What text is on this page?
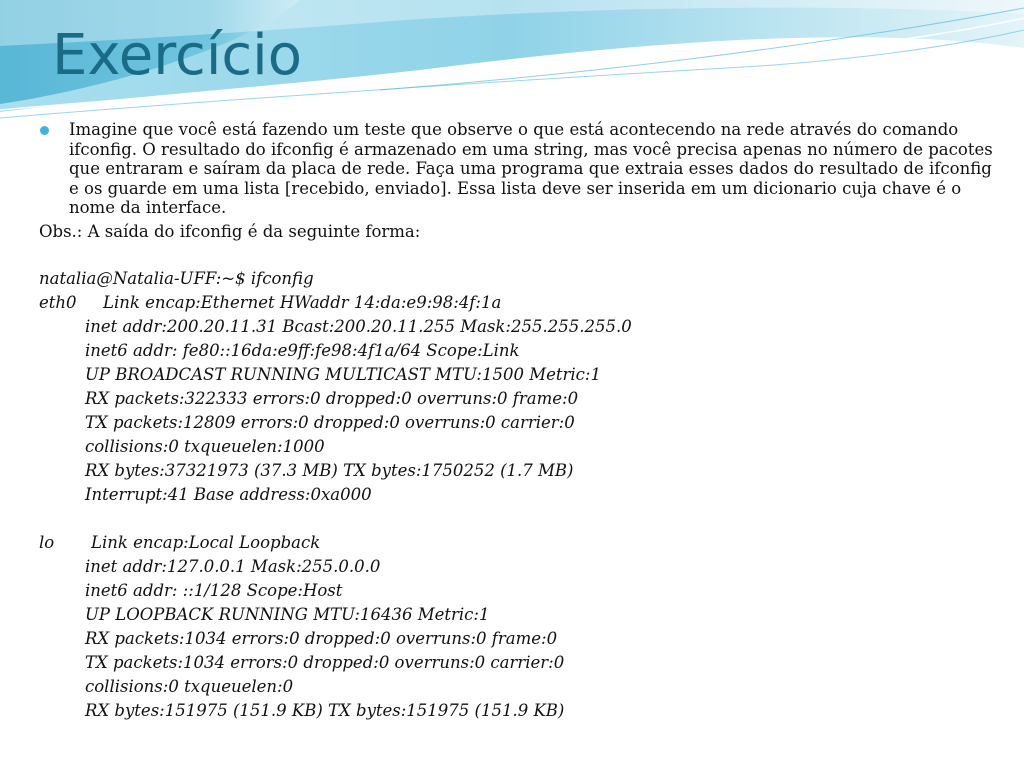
Exercício

Imagine que você está fazendo um teste que observe o que está acontecendo na rede através do comando ifconfig. O resultado do ifconfig é armazenado em uma string, mas você precisa apenas no número de pacotes que entraram e saíram da placa de rede. Faça uma programa que extraia esses dados do resultado de ifconfig e os guarde em uma lista [recebido, enviado]. Essa lista deve ser inserida em um dicionario cuja chave é o nome da interface.

Obs.: A saída do ifconfig é da seguinte forma:

natalia@Natalia-UFF:~$ ifconfig
eth0 Link encap:Ethernet HWaddr 14:da:e9:98:4f:1a
inet addr:200.20.11.31 Bcast:200.20.11.255 Mask:255.255.255.0
inet6 addr: fe80::16da:e9ff:fe98:4f1a/64 Scope:Link
UP BROADCAST RUNNING MULTICAST MTU:1500 Metric:1
RX packets:322333 errors:0 dropped:0 overruns:0 frame:0
TX packets:12809 errors:0 dropped:0 overruns:0 carrier:0
collisions:0 txqueuelen:1000
RX bytes:37321973 (37.3 MB) TX bytes:1750252 (1.7 MB)
Interrupt:41 Base address:0xa000
lo Link encap:Local Loopback
inet addr:127.0.0.1 Mask:255.0.0.0
inet6 addr: ::1/128 Scope:Host
UP LOOPBACK RUNNING MTU:16436 Metric:1
RX packets:1034 errors:0 dropped:0 overruns:0 frame:0
TX packets:1034 errors:0 dropped:0 overruns:0 carrier:0
collisions:0 txqueuelen:0
RX bytes:151975 (151.9 KB) TX bytes:151975 (151.9 KB)
